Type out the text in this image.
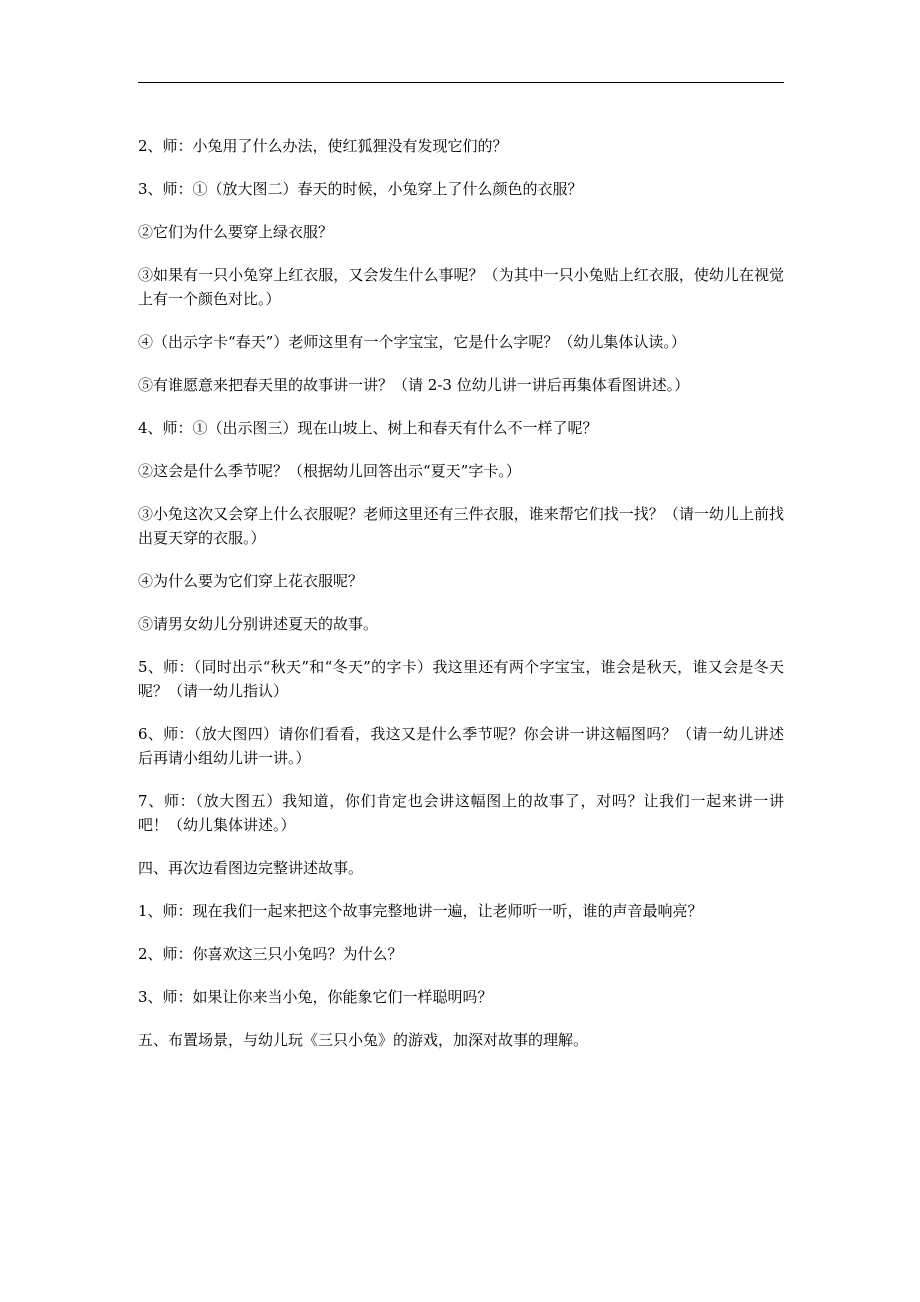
2、师：小兔用了什么办法，使红狐狸没有发现它们的？

3、师：①（放大图二）春天的时候，小兔穿上了什么颜色的衣服？

②它们为什么要穿上绿衣服？

③如果有一只小兔穿上红衣服，又会发生什么事呢？（为其中一只小兔贴上红衣服，使幼儿在视觉上有一个颜色对比。）

④（出示字卡“春天”）老师这里有一个字宝宝，它是什么字呢？（幼儿集体认读。）

⑤有谁愿意来把春天里的故事讲一讲？（请 2-3 位幼儿讲一讲后再集体看图讲述。）

4、师：①（出示图三）现在山坡上、树上和春天有什么不一样了呢？

②这会是什么季节呢？（根据幼儿回答出示“夏天”字卡。）

③小兔这次又会穿上什么衣服呢？老师这里还有三件衣服，谁来帮它们找一找？（请一幼儿上前找出夏天穿的衣服。）

④为什么要为它们穿上花衣服呢？

⑤请男女幼儿分别讲述夏天的故事。

5、师：（同时出示“秋天”和“冬天”的字卡）我这里还有两个字宝宝，谁会是秋天，谁又会是冬天呢？（请一幼儿指认）

6、师：（放大图四）请你们看看，我这又是什么季节呢？你会讲一讲这幅图吗？（请一幼儿讲述后再请小组幼儿讲一讲。）

7、师：（放大图五）我知道，你们肯定也会讲这幅图上的故事了，对吗？让我们一起来讲一讲吧！（幼儿集体讲述。）

四、再次边看图边完整讲述故事。

1、师：现在我们一起来把这个故事完整地讲一遍，让老师听一听，谁的声音最响亮？

2、师：你喜欢这三只小兔吗？为什么？

3、师：如果让你来当小兔，你能象它们一样聪明吗？

五、布置场景，与幼儿玩《三只小兔》的游戏，加深对故事的理解。
